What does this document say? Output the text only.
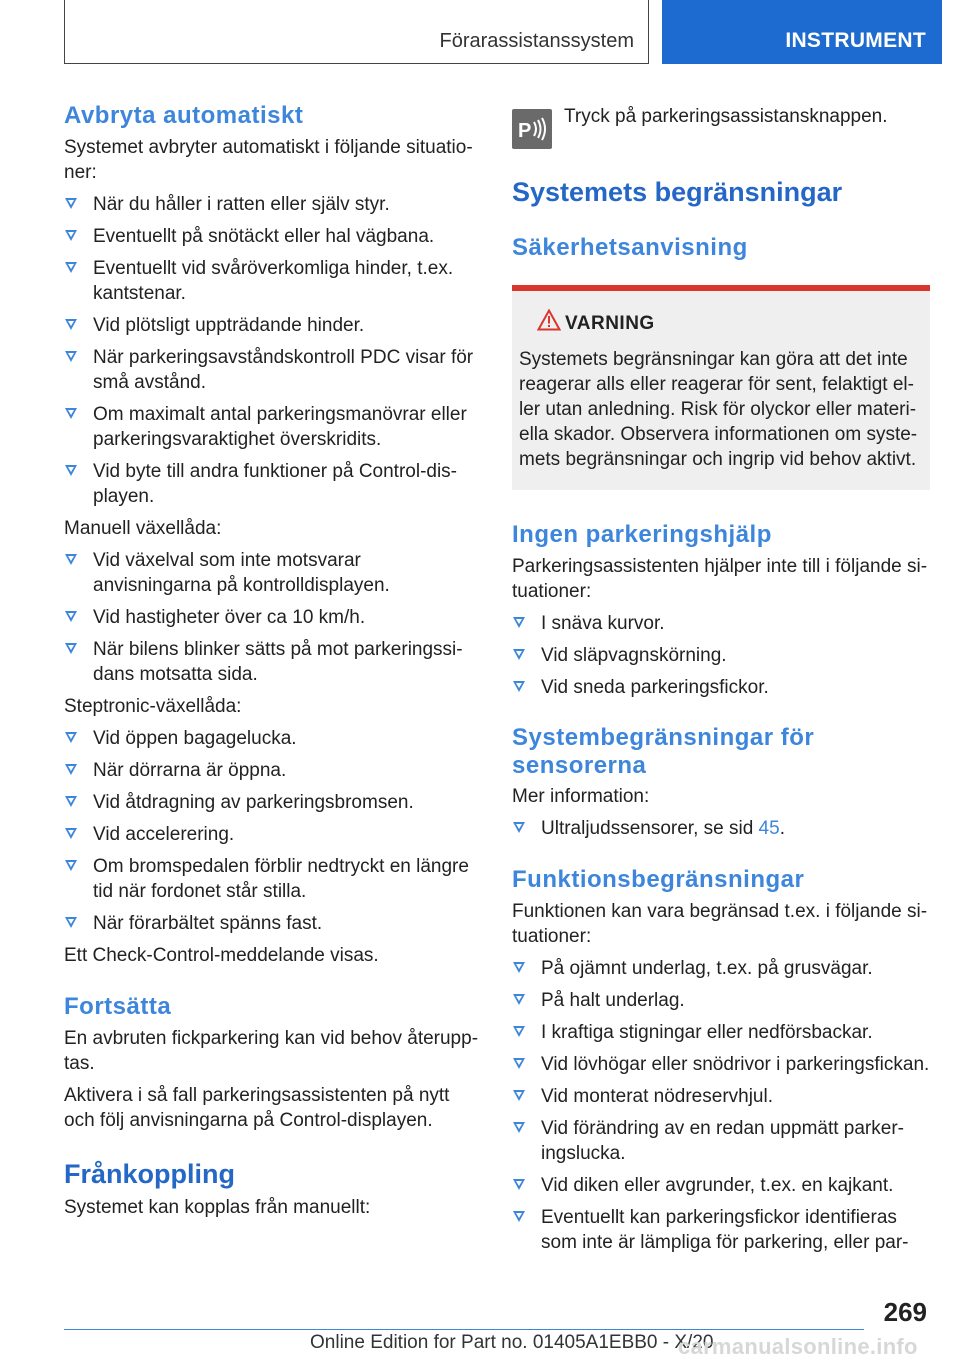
Förarassistanssystem	INSTRUMENT
Avbryta automatiskt

Systemet avbryter automatiskt i följande situatio-ner:

När du håller i ratten eller själv styr.
Eventuellt på snötäckt eller hal vägbana.
Eventuellt vid svåröverkomliga hinder, t.ex. kantstenar.
Vid plötsligt uppträdande hinder.
När parkeringsavståndskontroll PDC visar för små avstånd.
Om maximalt antal parkeringsmanövrar eller parkeringsvaraktighet överskridits.
Vid byte till andra funktioner på Control-dis-playen.

Manuell växellåda:

Vid växelval som inte motsvarar anvisningarna på kontrolldisplayen.
Vid hastigheter över ca 10 km/h.
När bilens blinker sätts på mot parkeringssi-dans motsatta sida.

Steptronic-växellåda:

Vid öppen bagagelucka.
När dörrarna är öppna.
Vid åtdragning av parkeringsbromsen.
Vid accelerering.
Om bromspedalen förblir nedtryckt en längre tid när fordonet står stilla.
När förarbältet spänns fast.

Ett Check-Control-meddelande visas.

Fortsätta

En avbruten fickparkering kan vid behov återupp-tas.

Aktivera i så fall parkeringsassistenten på nytt och följ anvisningarna på Control-displayen.

Frånkoppling

Systemet kan kopplas från manuellt:

P

Tryck på parkeringsassistansknappen.

Systemets begränsningar
Säkerhetsanvisning
VARNING

Systemets begränsningar kan göra att det inte reagerar alls eller reagerar för sent, felaktigt el-ler utan anledning. Risk för olyckor eller materi-ella skador. Observera informationen om syste-mets begränsningar och ingrip vid behov aktivt.

Ingen parkeringshjälp

Parkeringsassistenten hjälper inte till i följande si-tuationer:

I snäva kurvor.
Vid släpvagnskörning.
Vid sneda parkeringsfickor.
Systembegränsningar för sensorerna

Mer information:

Ultraljudssensorer, se sid 45.
Funktionsbegränsningar

Funktionen kan vara begränsad t.ex. i följande si-tuationer:

På ojämnt underlag, t.ex. på grusvägar.
På halt underlag.
I kraftiga stigningar eller nedförsbackar.
Vid lövhögar eller snödrivor i parkeringsfickan.
Vid monterat nödreservhjul.
Vid förändring av en redan uppmätt parker-ingslucka.
Vid diken eller avgrunder, t.ex. en kajkant.
Eventuellt kan parkeringsfickor identifieras som inte är lämpliga för parkering, eller par-
269
Online Edition for Part no. 01405A1EBB0 - X/20
carmanualsonline.info
